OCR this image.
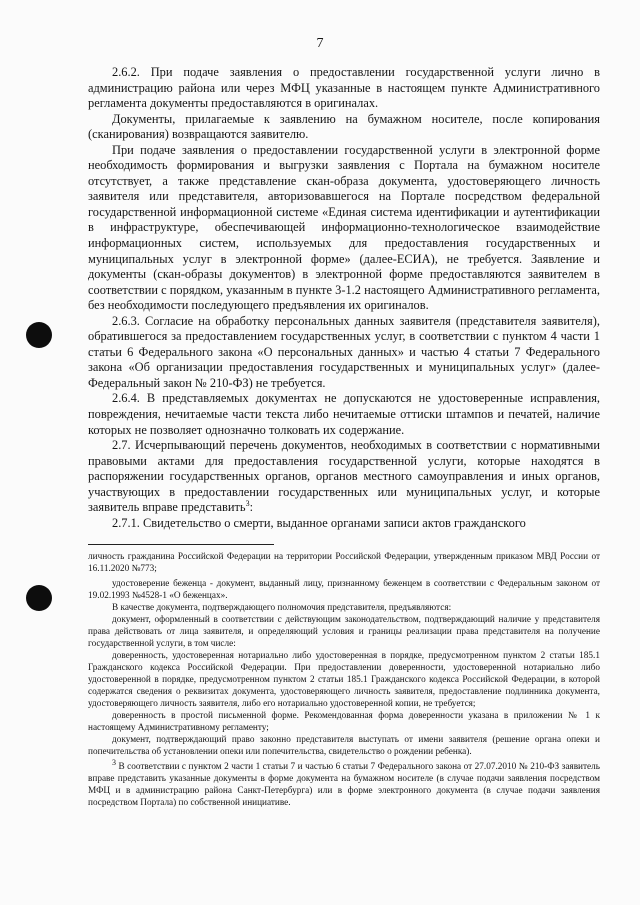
7

2.6.2. При подаче заявления о предоставлении государственной услуги лично в администрацию района или через МФЦ указанные в настоящем пункте Административного регламента документы предоставляются в оригиналах.

Документы, прилагаемые к заявлению на бумажном носителе, после копирования (сканирования) возвращаются заявителю.

При подаче заявления о предоставлении государственной услуги в электронной форме необходимость формирования и выгрузки заявления с Портала на бумажном носителе отсутствует, а также представление скан-образа документа, удостоверяющего личность заявителя или представителя, авторизовавшегося на Портале посредством федеральной государственной информационной системе «Единая система идентификации и аутентификации в инфраструктуре, обеспечивающей информационно-технологическое взаимодействие информационных систем, используемых для предоставления государственных и муниципальных услуг в электронной форме» (далее-ЕСИА), не требуется. Заявление и документы (скан-образы документов) в электронной форме предоставляются заявителем в соответствии с порядком, указанным в пункте 3-1.2 настоящего Административного регламента, без необходимости последующего предъявления их оригиналов.

2.6.3. Согласие на обработку персональных данных заявителя (представителя заявителя), обратившегося за предоставлением государственных услуг, в соответствии с пунктом 4 части 1 статьи 6 Федерального закона «О персональных данных» и частью 4 статьи 7 Федерального закона «Об организации предоставления государственных и муниципальных услуг» (далее- Федеральный закон № 210-ФЗ) не требуется.

2.6.4. В представляемых документах не допускаются не удостоверенные исправления, повреждения, нечитаемые части текста либо нечитаемые оттиски штампов и печатей, наличие которых не позволяет однозначно толковать их содержание.

2.7. Исчерпывающий перечень документов, необходимых в соответствии с нормативными правовыми актами для предоставления государственной услуги, которые находятся в распоряжении государственных органов, органов местного самоуправления и иных органов, участвующих в предоставлении государственных или муниципальных услуг, и которые заявитель вправе представить$^3$:

2.7.1. Свидетельство о смерти, выданное органами записи актов гражданского

личность гражданина Российской Федерации на территории Российской Федерации, утвержденным приказом МВД России от 16.11.2020 №773;

удостоверение беженца - документ, выданный лицу, признанному беженцем в соответствии с Федеральным законом от 19.02.1993 №4528-1 «О беженцах».

В качестве документа, подтверждающего полномочия представителя, предъявляются:

документ, оформленный в соответствии с действующим законодательством, подтверждающий наличие у представителя права действовать от лица заявителя, и определяющий условия и границы реализации права представителя на получение государственной услуги, в том числе:

доверенность, удостоверенная нотариально либо удостоверенная в порядке, предусмотренном пунктом 2 статьи 185.1 Гражданского кодекса Российской Федерации. При предоставлении доверенности, удостоверенной нотариально либо удостоверенной в порядке, предусмотренном пунктом 2 статьи 185.1 Гражданского кодекса Российской Федерации, в которой содержатся сведения о реквизитах документа, удостоверяющего личность заявителя, предоставление подлинника документа, удостоверяющего личность заявителя, либо его нотариально удостоверенной копии, не требуется;

доверенность в простой письменной форме. Рекомендованная форма доверенности указана в приложении № 1 к настоящему Административному регламенту;

документ, подтверждающий право законно представителя выступать от имени заявителя (решение органа опеки и попечительства об установлении опеки или попечительства, свидетельство о рождении ребенка).

$^3$ В соответствии с пунктом 2 части 1 статьи 7 и частью 6 статьи 7 Федерального закона от 27.07.2010 № 210-ФЗ заявитель вправе представить указанные документы в форме документа на бумажном носителе (в случае подачи заявления посредством МФЦ и в администрацию района Санкт-Петербурга) или в форме электронного документа (в случае подачи заявления посредством Портала) по собственной инициативе.
